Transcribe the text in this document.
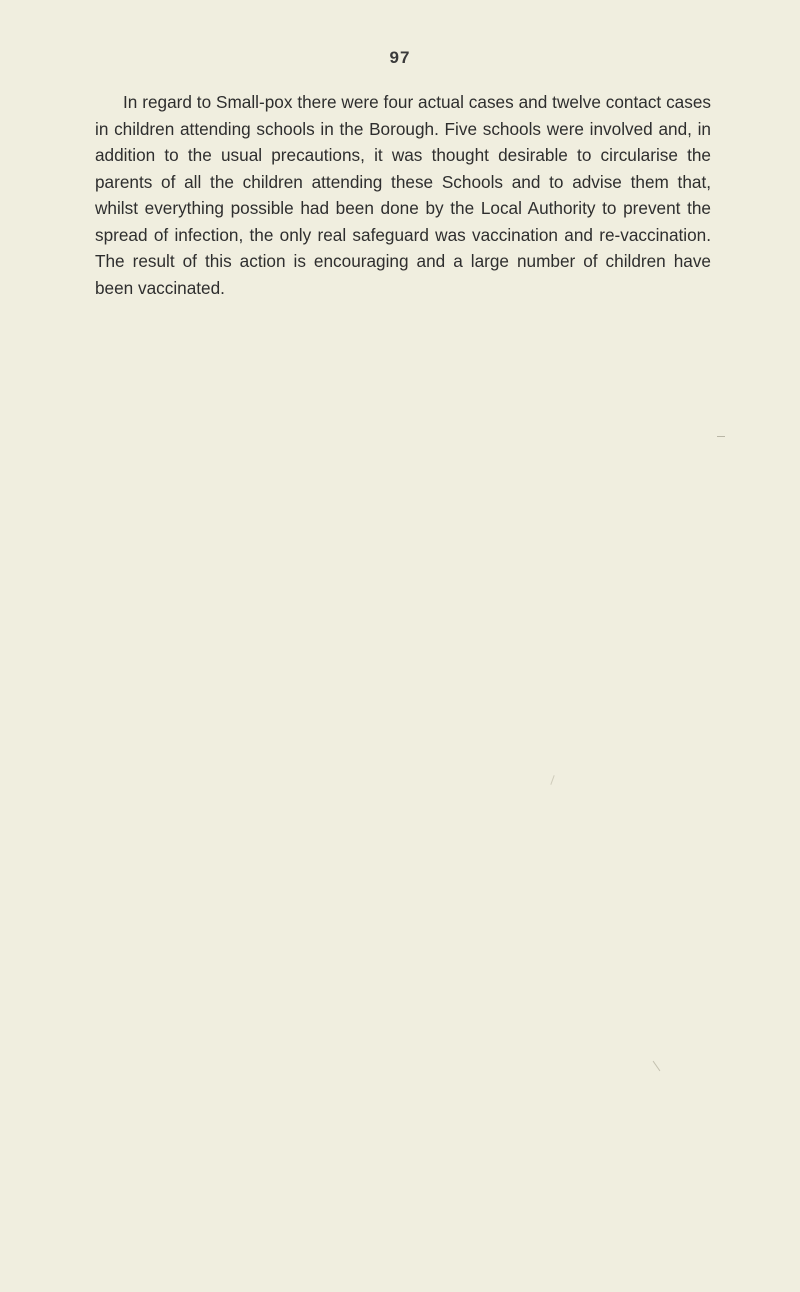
97

In regard to Small-pox there were four actual cases and twelve contact cases in children attending schools in the Borough. Five schools were involved and, in addition to the usual precautions, it was thought desirable to circularise the parents of all the children attending these Schools and to advise them that, whilst everything possible had been done by the Local Authority to prevent the spread of infection, the only real safeguard was vaccination and re-vaccination. The result of this action is encouraging and a large number of children have been vaccinated.
